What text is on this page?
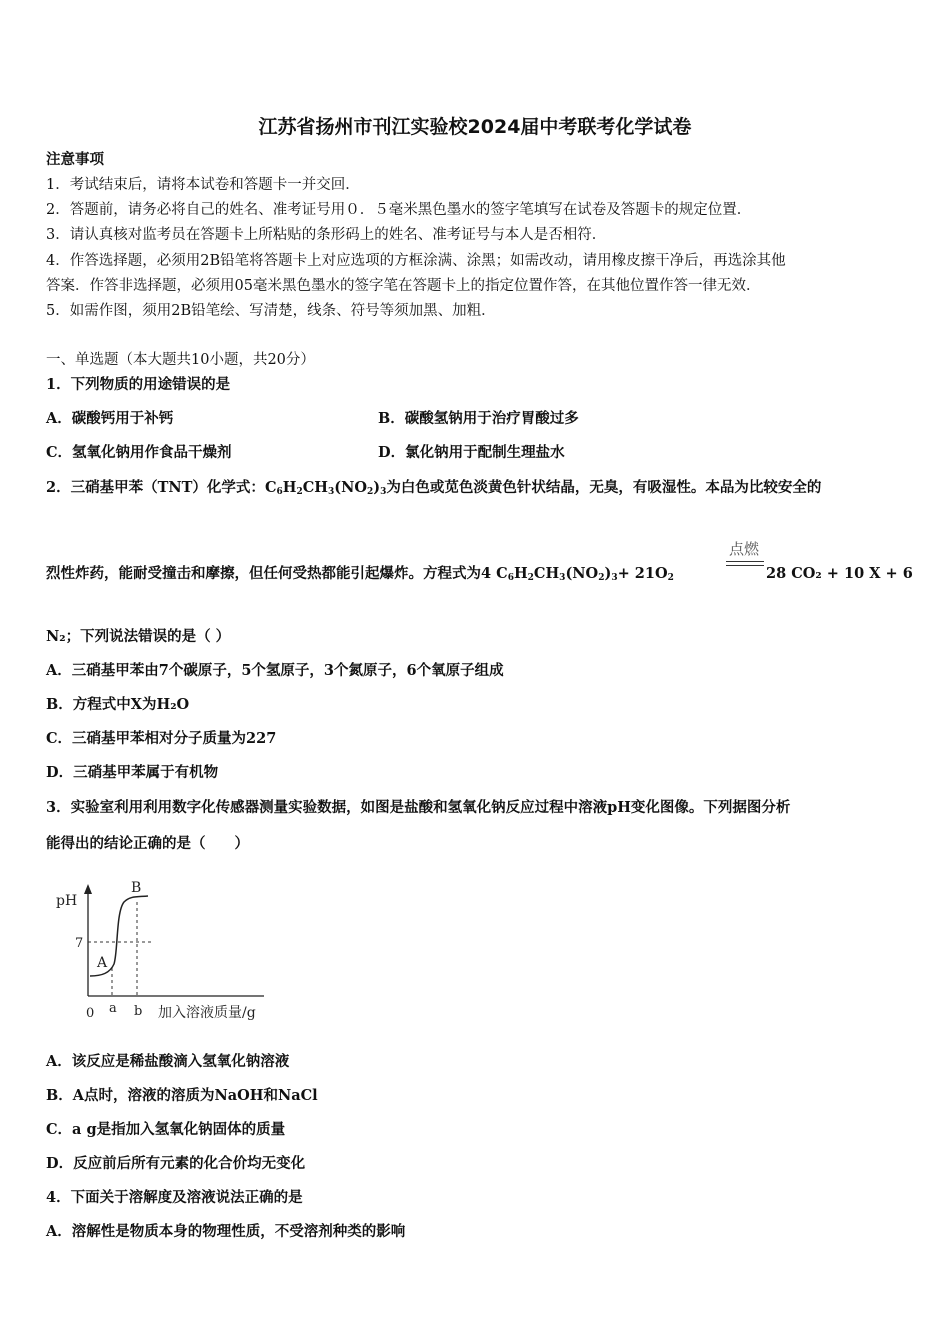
江苏省扬州市刊江实验校2024届中考联考化学试卷
注意事项
1．考试结束后，请将本试卷和答题卡一并交回．
2．答题前，请务必将自己的姓名、准考证号用０．５毫米黑色墨水的签字笔填写在试卷及答题卡的规定位置．
3．请认真核对监考员在答题卡上所粘贴的条形码上的姓名、准考证号与本人是否相符．
4．作答选择题，必须用2B铅笔将答题卡上对应选项的方框涂满、涂黑；如需改动，请用橡皮擦干净后，再选涂其他
答案．作答非选择题，必须用05毫米黑色墨水的签字笔在答题卡上的指定位置作答，在其他位置作答一律无效．
5．如需作图，须用2B铅笔绘、写清楚，线条、符号等须加黑、加粗．
一、单选题（本大题共10小题，共20分）
1．下列物质的用途错误的是
A．碳酸钙用于补钙	B．碳酸氢钠用于治疗胃酸过多
C．氢氧化钠用作食品干燥剂	D．氯化钠用于配制生理盐水
2．三硝基甲苯（TNT）化学式：$C_6H_2CH_3(NO_2)_3$为白色或苋色淡黄色针状结晶，无臭，有吸湿性。本品为比较安全的
点燃
烈性炸药，能耐受撞击和摩擦，但任何受热都能引起爆炸。方程式为4 $C_6H_2CH_3(NO_2)_3+ 21O_2$	28 CO₂ + 10 X + 6
N₂；下列说法错误的是（ ）
A．三硝基甲苯由7个碳原子，5个氢原子，3个氮原子，6个氧原子组成
B．方程式中X为H₂O
C．三硝基甲苯相对分子质量为227
D．三硝基甲苯属于有机物
3．实验室利用利用数字化传感器测量实验数据，如图是盐酸和氢氧化钠反应过程中溶液pH变化图像。下列据图分析
能得出的结论正确的是（　　）
pH
7
A
B
0 a b 加入溶液质量/g
A．该反应是稀盐酸滴入氢氧化钠溶液
B．A点时，溶液的溶质为NaOH和NaCl
C．a g是指加入氢氧化钠固体的质量
D．反应前后所有元素的化合价均无变化
4．下面关于溶解度及溶液说法正确的是
A．溶解性是物质本身的物理性质，不受溶剂种类的影响
